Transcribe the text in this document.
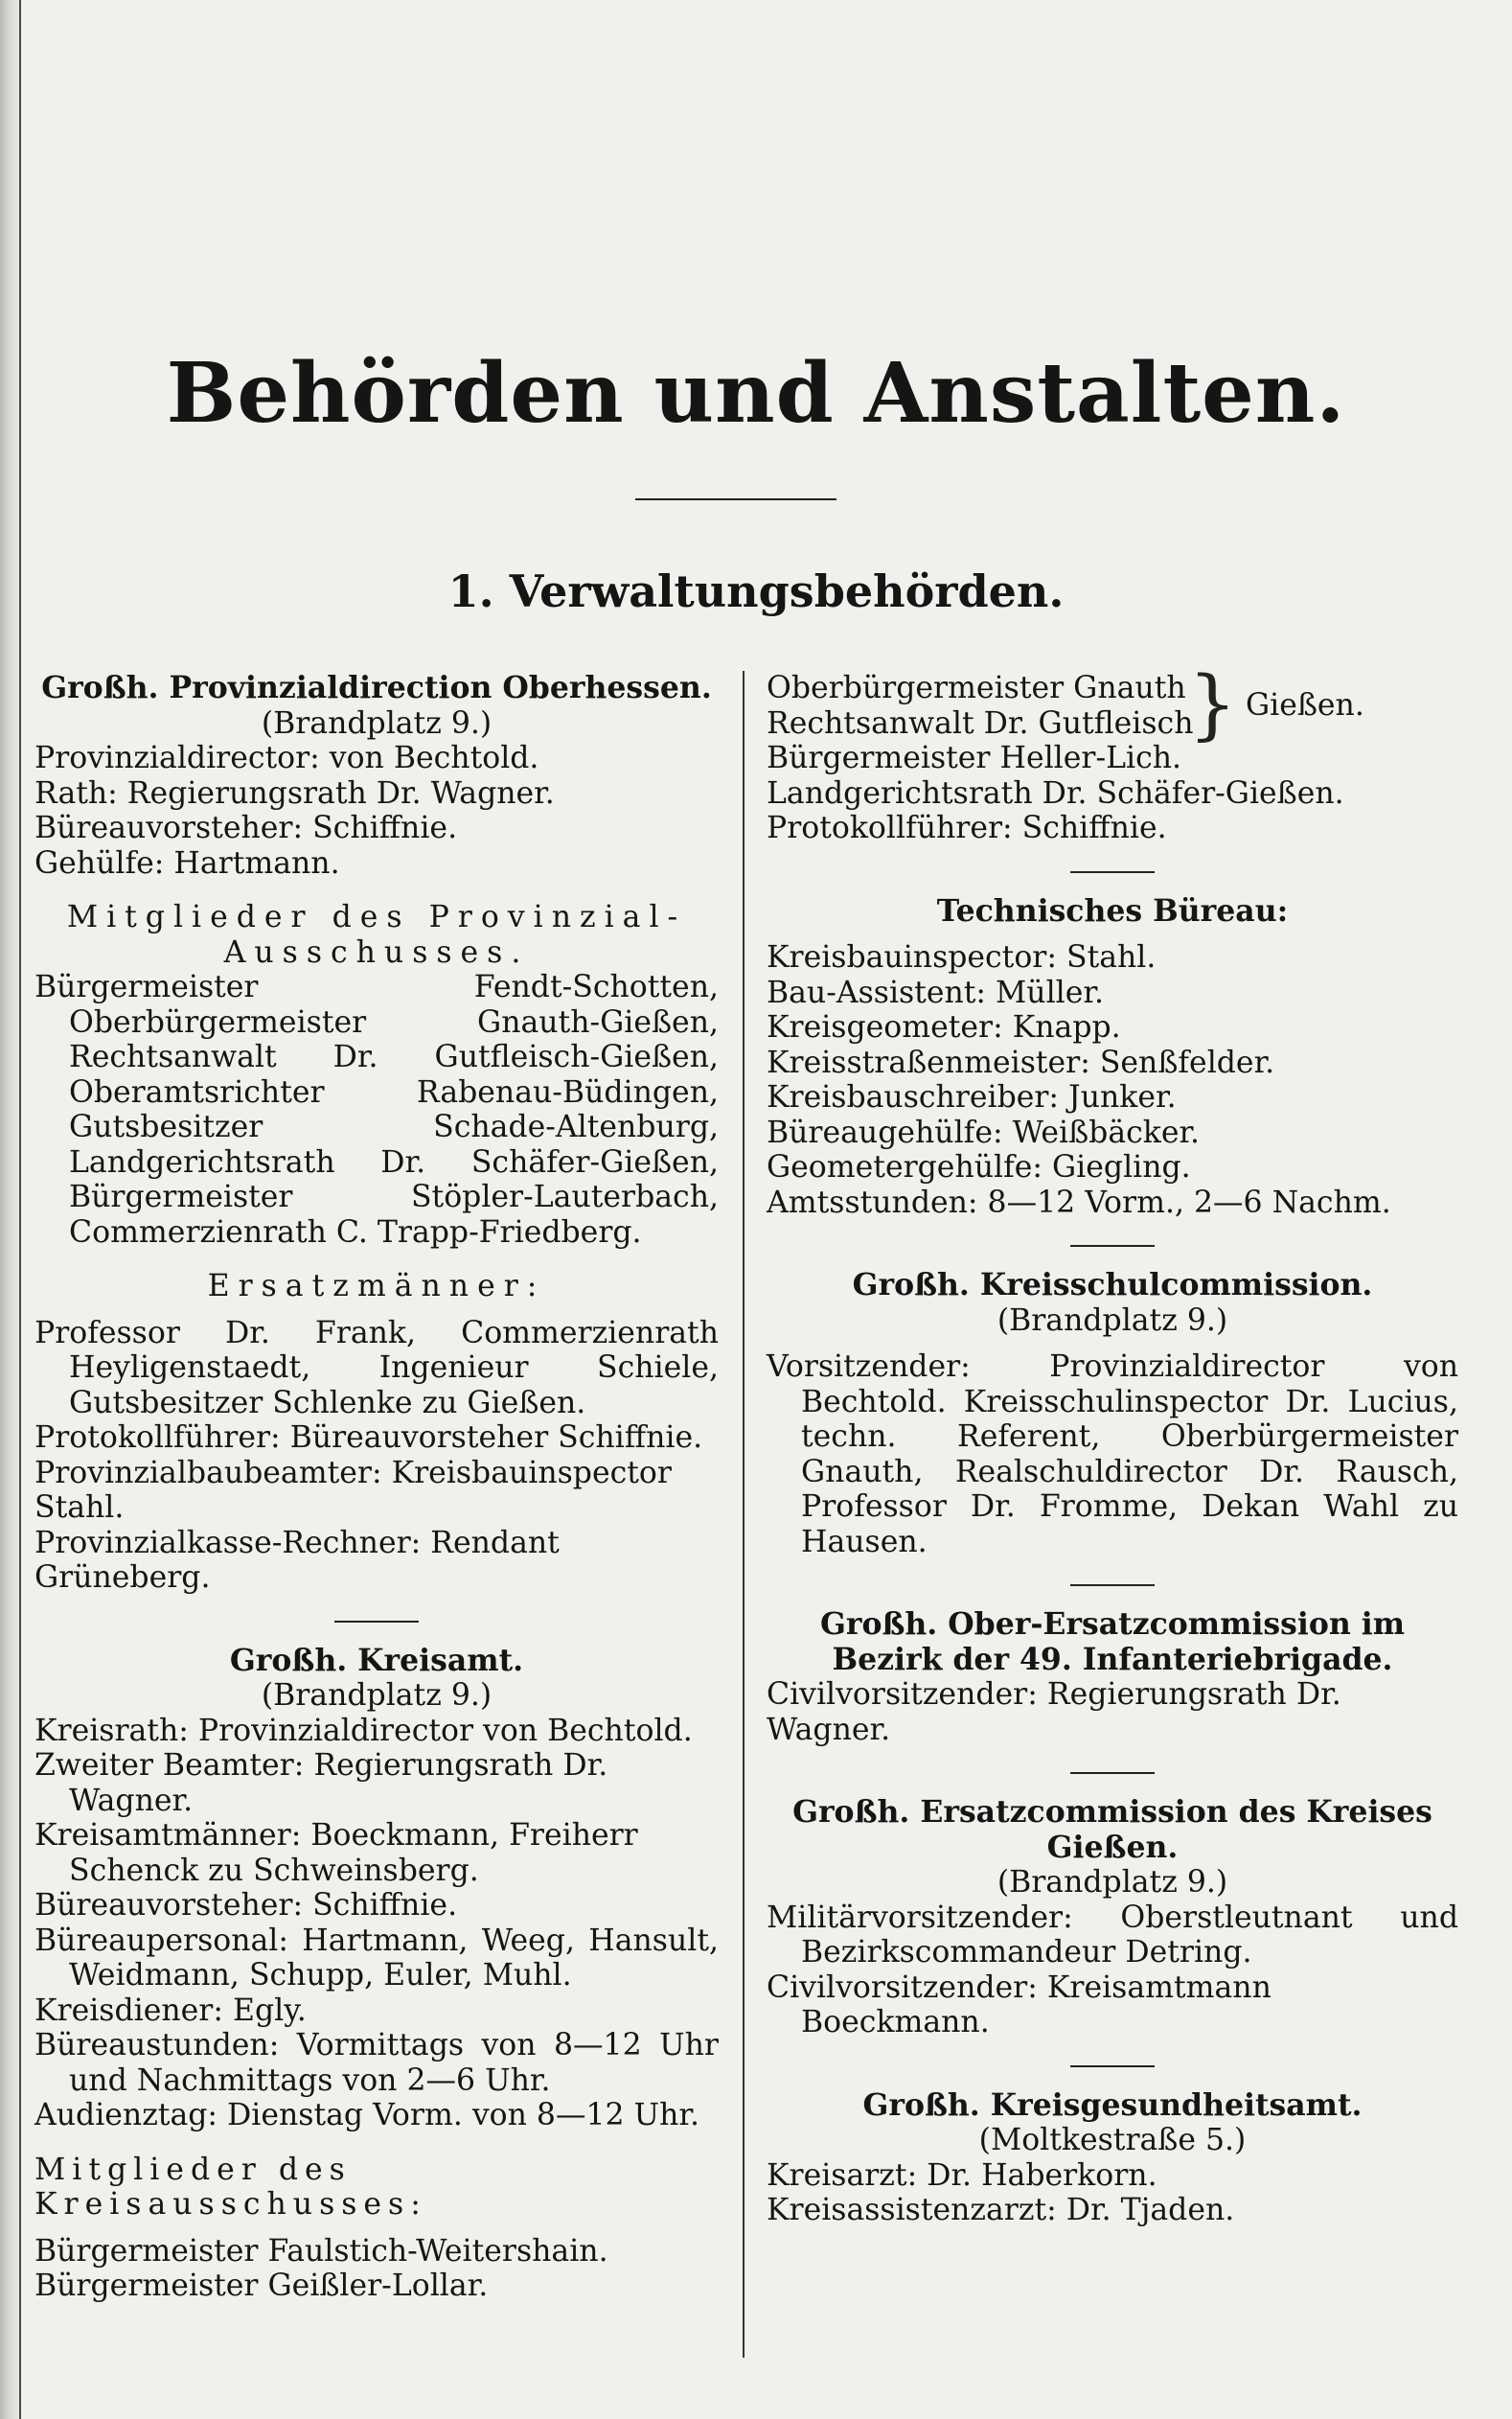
Behörden und Anstalten.
1. Verwaltungsbehörden.

Großh. Provinzialdirection Oberhessen.

(Brandplatz 9.)

Provinzialdirector: von Bechtold.

Rath: Regierungsrath Dr. Wagner.

Büreauvorsteher: Schiffnie.

Gehülfe: Hartmann.

Mitglieder des Provinzial-

Ausschusses.

Bürgermeister Fendt-Schotten, Oberbürgermeister Gnauth-Gießen, Rechtsanwalt Dr. Gutfleisch-Gießen, Oberamtsrichter Rabenau-Büdingen, Gutsbesitzer Schade-Altenburg, Landgerichtsrath Dr. Schäfer-Gießen, Bürgermeister Stöpler-Lauterbach, Commerzienrath C. Trapp-Friedberg.

Ersatzmänner:

Professor Dr. Frank, Commerzienrath Heyligenstaedt, Ingenieur Schiele, Gutsbesitzer Schlenke zu Gießen.

Protokollführer: Büreauvorsteher Schiffnie.

Provinzialbaubeamter: Kreisbauinspector Stahl.

Provinzialkasse-Rechner: Rendant Grüneberg.

Großh. Kreisamt.

(Brandplatz 9.)

Kreisrath: Provinzialdirector von Bechtold.

Zweiter Beamter: Regierungsrath Dr. Wagner.

Kreisamtmänner: Boeckmann, Freiherr Schenck zu Schweinsberg.

Büreauvorsteher: Schiffnie.

Büreaupersonal: Hartmann, Weeg, Hansult, Weidmann, Schupp, Euler, Muhl.

Kreisdiener: Egly.

Büreaustunden: Vormittags von 8—12 Uhr und Nachmittags von 2—6 Uhr.

Audienztag: Dienstag Vorm. von 8—12 Uhr.

Mitglieder des Kreisausschusses:

Bürgermeister Faulstich-Weitershain.

Bürgermeister Geißler-Lollar.

Oberbürgermeister Gnauth

Rechtsanwalt Dr. Gutfleisch

} Gießen.

Bürgermeister Heller-Lich.

Landgerichtsrath Dr. Schäfer-Gießen.

Protokollführer: Schiffnie.

Technisches Büreau:

Kreisbauinspector: Stahl.

Bau-Assistent: Müller.

Kreisgeometer: Knapp.

Kreisstraßenmeister: Senßfelder.

Kreisbauschreiber: Junker.

Büreaugehülfe: Weißbäcker.

Geometergehülfe: Giegling.

Amtsstunden: 8—12 Vorm., 2—6 Nachm.

Großh. Kreisschulcommission.

(Brandplatz 9.)

Vorsitzender: Provinzialdirector von Bechtold. Kreisschulinspector Dr. Lucius, techn. Referent, Oberbürgermeister Gnauth, Realschuldirector Dr. Rausch, Professor Dr. Fromme, Dekan Wahl zu Hausen.

Großh. Ober-Ersatzcommission im Bezirk der 49. Infanteriebrigade.

Civilvorsitzender: Regierungsrath Dr. Wagner.

Großh. Ersatzcommission des Kreises Gießen.

(Brandplatz 9.)

Militärvorsitzender: Oberstleutnant und Bezirkscommandeur Detring.

Civilvorsitzender: Kreisamtmann Boeckmann.

Großh. Kreisgesundheitsamt.

(Moltkestraße 5.)

Kreisarzt: Dr. Haberkorn.

Kreisassistenzarzt: Dr. Tjaden.
